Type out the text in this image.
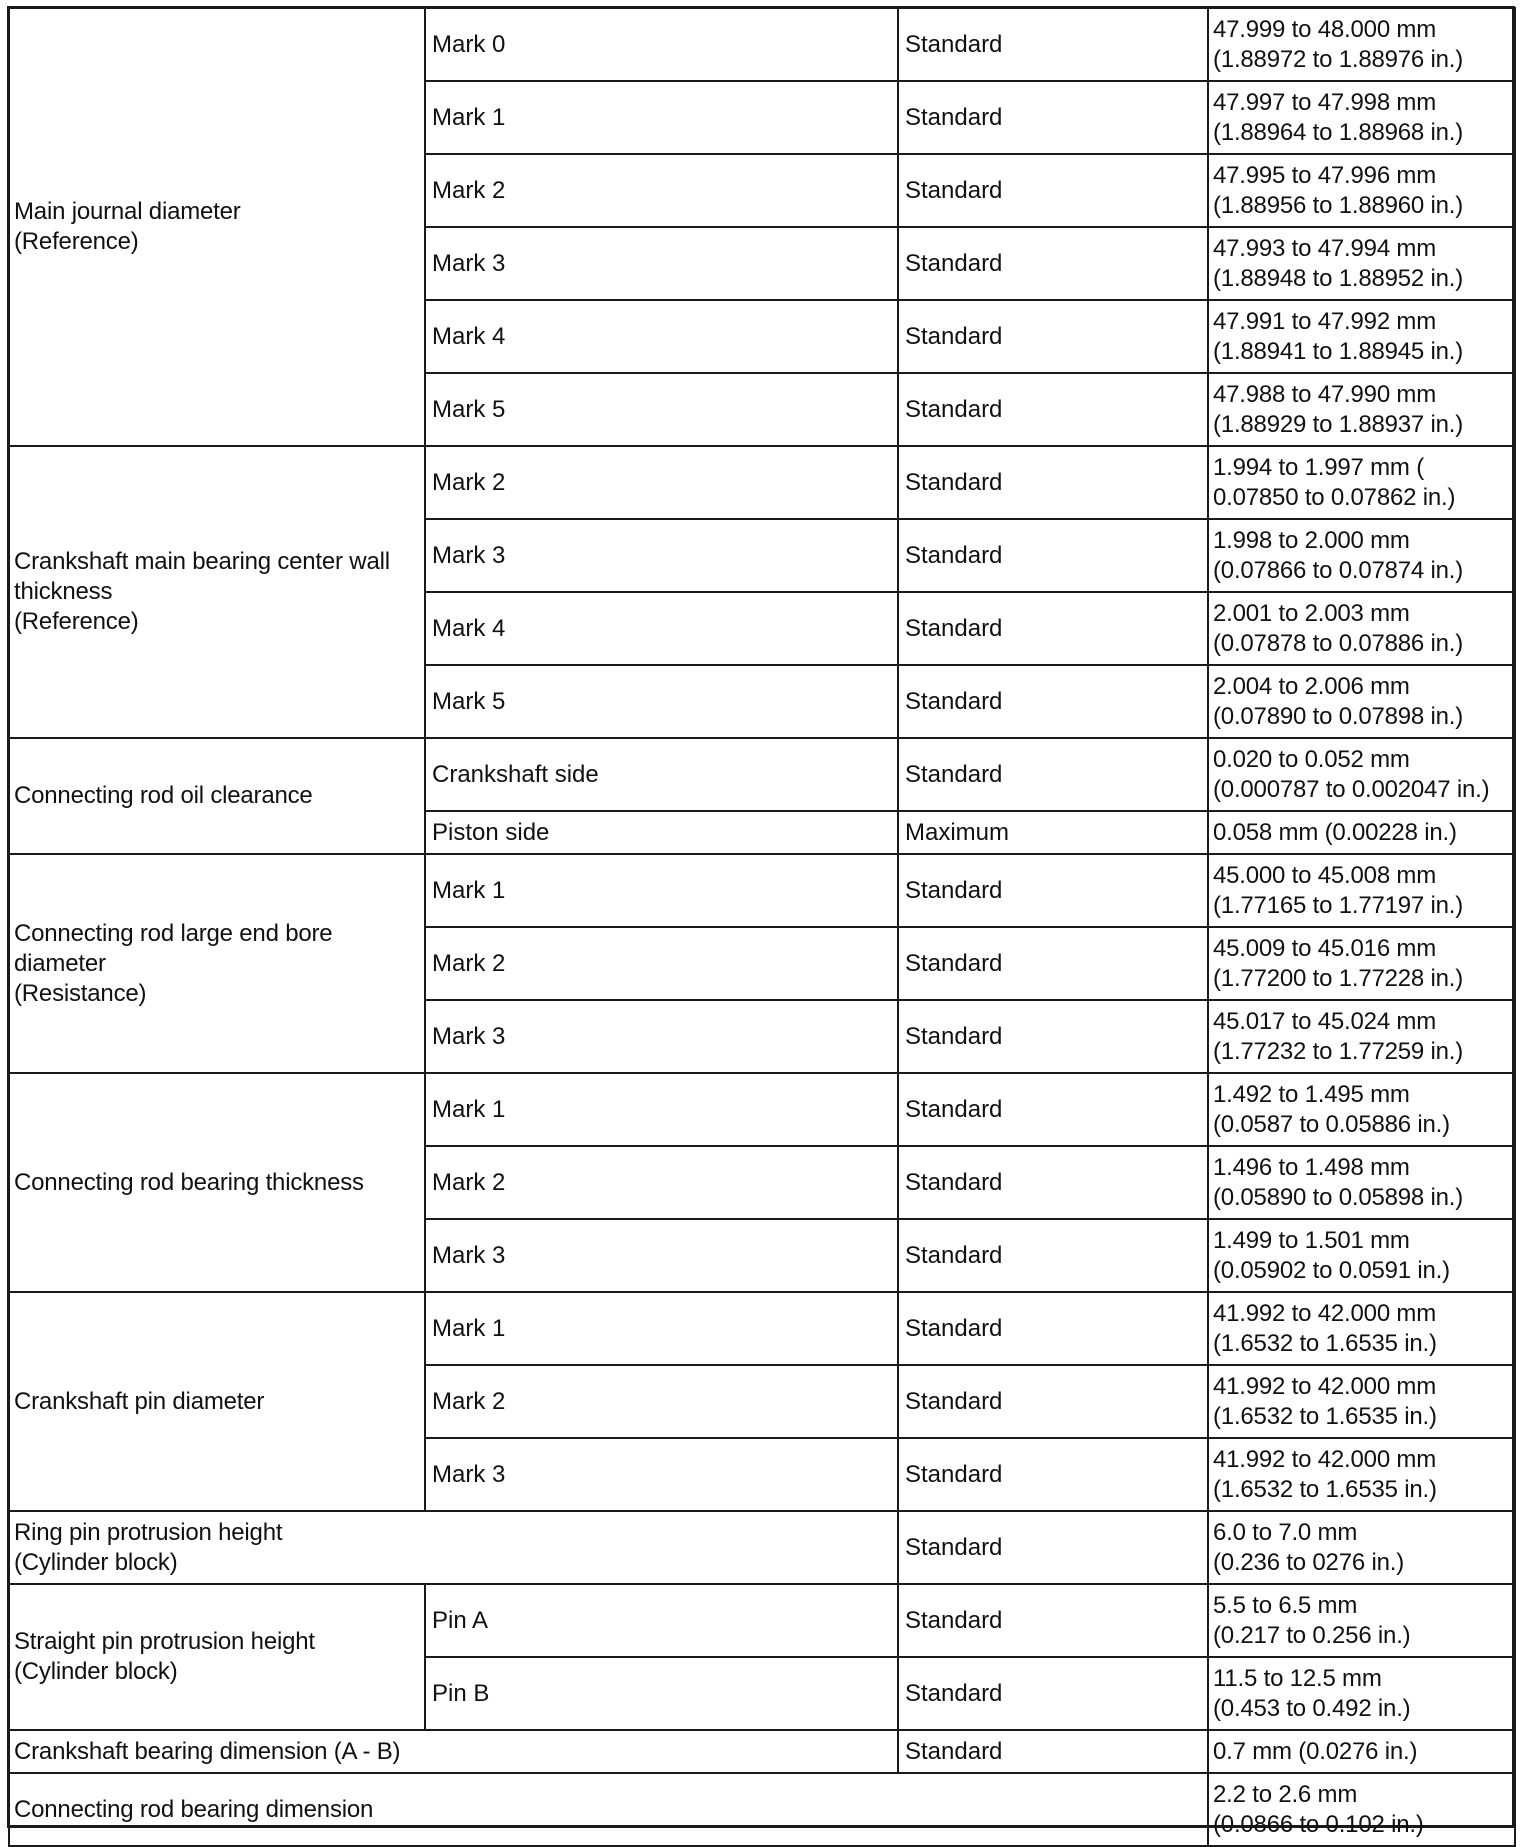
Main journal diameter
(Reference)	Mark 0	Standard	47.999 to 48.000 mm
(1.88972 to 1.88976 in.)
	Mark 1	Standard	47.997 to 47.998 mm
(1.88964 to 1.88968 in.)
	Mark 2	Standard	47.995 to 47.996 mm
(1.88956 to 1.88960 in.)
	Mark 3	Standard	47.993 to 47.994 mm
(1.88948 to 1.88952 in.)
	Mark 4	Standard	47.991 to 47.992 mm
(1.88941 to 1.88945 in.)
	Mark 5	Standard	47.988 to 47.990 mm
(1.88929 to 1.88937 in.)
Crankshaft main bearing center wall thickness
(Reference)	Mark 2	Standard	1.994 to 1.997 mm (
0.07850 to 0.07862 in.)
	Mark 3	Standard	1.998 to 2.000 mm
(0.07866 to 0.07874 in.)
	Mark 4	Standard	2.001 to 2.003 mm
(0.07878 to 0.07886 in.)
	Mark 5	Standard	2.004 to 2.006 mm
(0.07890 to 0.07898 in.)
Connecting rod oil clearance	Crankshaft side	Standard	0.020 to 0.052 mm
(0.000787 to 0.002047 in.)
	Piston side	Maximum	0.058 mm (0.00228 in.)
Connecting rod large end bore diameter
(Resistance)	Mark 1	Standard	45.000 to 45.008 mm
(1.77165 to 1.77197 in.)
	Mark 2	Standard	45.009 to 45.016 mm
(1.77200 to 1.77228 in.)
	Mark 3	Standard	45.017 to 45.024 mm
(1.77232 to 1.77259 in.)
Connecting rod bearing thickness	Mark 1	Standard	1.492 to 1.495 mm
(0.0587 to 0.05886 in.)
	Mark 2	Standard	1.496 to 1.498 mm
(0.05890 to 0.05898 in.)
	Mark 3	Standard	1.499 to 1.501 mm
(0.05902 to 0.0591 in.)
Crankshaft pin diameter	Mark 1	Standard	41.992 to 42.000 mm
(1.6532 to 1.6535 in.)
	Mark 2	Standard	41.992 to 42.000 mm
(1.6532 to 1.6535 in.)
	Mark 3	Standard	41.992 to 42.000 mm
(1.6532 to 1.6535 in.)
Ring pin protrusion height
(Cylinder block)		Standard	6.0 to 7.0 mm
(0.236 to 0276 in.)
Straight pin protrusion height
(Cylinder block)	Pin A	Standard	5.5 to 6.5 mm
(0.217 to 0.256 in.)
	Pin B	Standard	11.5 to 12.5 mm
(0.453 to 0.492 in.)
Crankshaft bearing dimension (A - B)		Standard	0.7 mm (0.0276 in.)
Connecting rod bearing dimension			2.2 to 2.6 mm
(0.0866 to 0.102 in.)
